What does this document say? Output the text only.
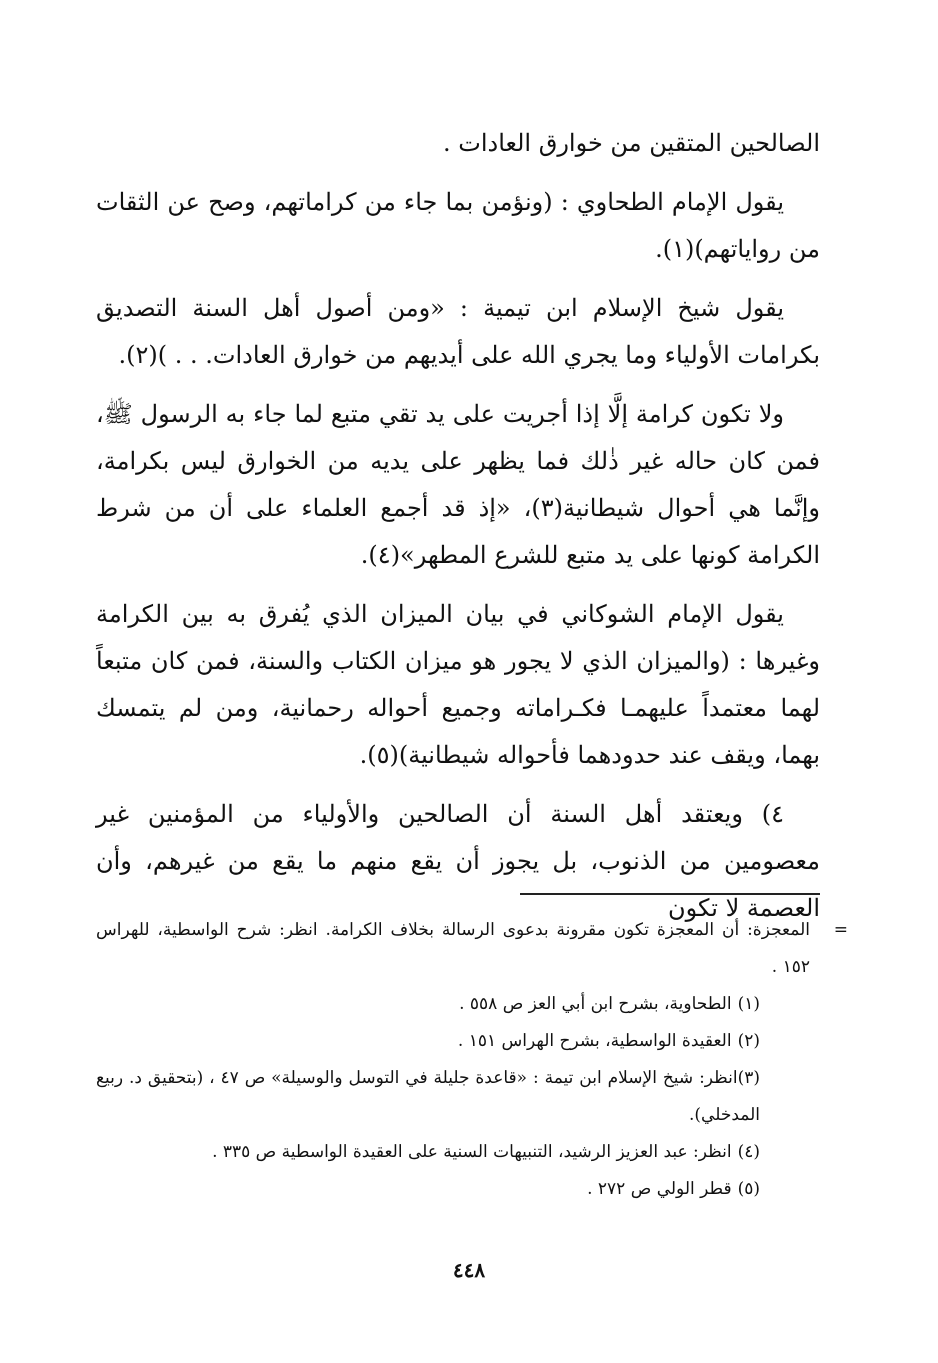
الصالحين المتقين من خوارق العادات .

يقول الإمام الطحاوي : (ونؤمن بما جاء من كراماتهم، وصح عن الثقات من رواياتهم)(١).

يقول شيخ الإسلام ابن تيمية : «ومن أصول أهل السنة التصديق بكرامات الأولياء وما يجري الله على أيديهم من خوارق العادات. . . )(٢).

ولا تكون كرامة إلَّا إذا أجريت على يد تقي متبع لما جاء به الرسول ﷺ، فمن كان حاله غير ذٰلك فما يظهر على يديه من الخوارق ليس بكرامة، وإنَّما هي أحوال شيطانية(٣)، «إذ قد أجمع العلماء على أن من شرط الكرامة كونها على يد متبع للشرع المطهر»(٤).

يقول الإمام الشوكاني في بيان الميزان الذي يُفرق به بين الكرامة وغيرها : (والميزان الذي لا يجور هو ميزان الكتاب والسنة، فمن كان متبعاً لهما معتمداً عليهمـا فكـراماته وجميع أحواله رحمانية، ومن لم يتمسك بهما، ويقف عند حدودهما فأحواله شيطانية)(٥).

٤) ويعتقد أهل السنة أن الصالحين والأولياء من المؤمنين غير معصومين من الذنوب، بل يجوز أن يقع منهم ما يقع من غيرهم، وأن العصمة لا تكون

=
المعجزة: أن المعجزة تكون مقرونة بدعوى الرسالة بخلاف الكرامة. انظر: شرح الواسطية، للهراس ١٥٢ .

(١)الطحاوية، بشرح ابن أبي العز ص ٥٥٨ .

(٢)العقيدة الواسطية، بشرح الهراس ١٥١ .

(٣)انظر: شيخ الإسلام ابن تيمة : «قاعدة جليلة في التوسل والوسيلة» ص ٤٧ ، (بتحقيق د. ربيع المدخلي).

(٤)انظر: عبد العزيز الرشيد، التنبيهات السنية على العقيدة الواسطية ص ٣٣٥ .

(٥)قطر الولي ص ٢٧٢ .

٤٤٨
